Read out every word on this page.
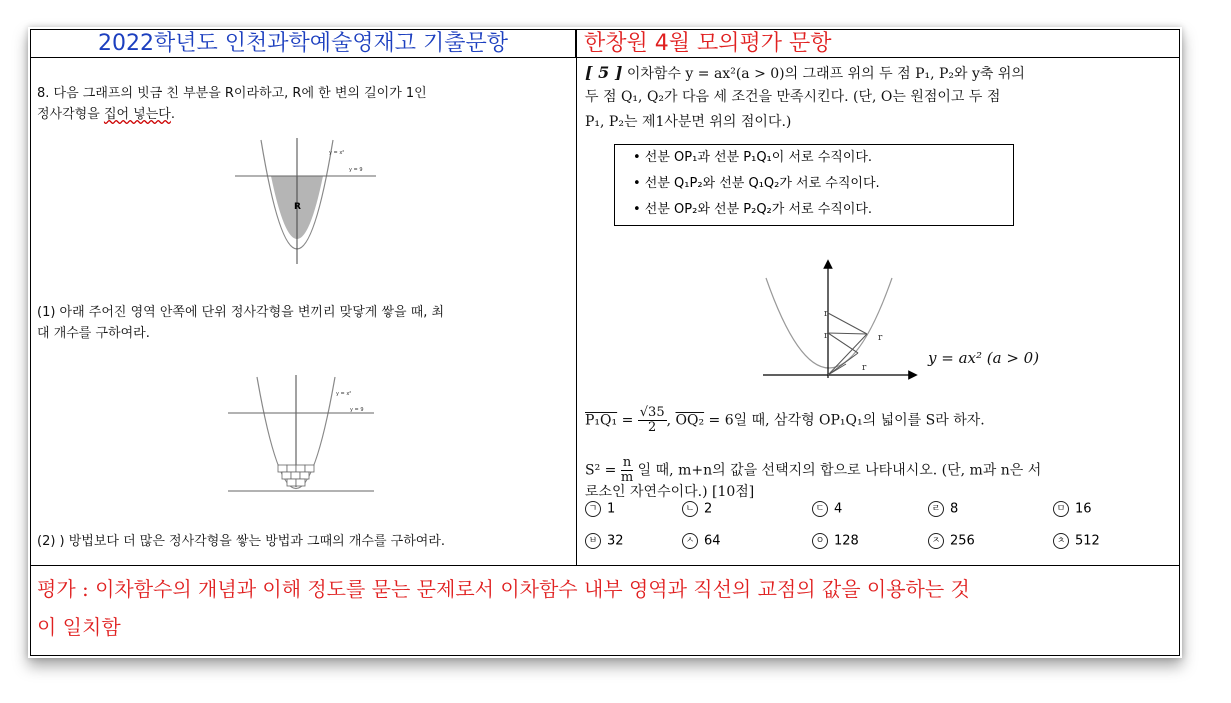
2022학년도 인천과학예술영재고 기출문항	한창원 4월 모의평가 문항
8. 다음 그래프의 빗금 친 부분을 R이라하고, R에 한 변의 길이가 1인
정사각형을 집어 넣는다.
y = x²
y = 9
R
(1) 아래 주어진 영역 안쪽에 단위 정사각형을 변끼리 맞닿게 쌓을 때, 최
대 개수를 구하여라.
y = x²
y = 9
(2) ) 방법보다 더 많은 정사각형을 쌓는 방법과 그때의 개수를 구하여라.
[ 5 ] 이차함수 y = ax²(a > 0)의 그래프 위의 두 점 P₁, P₂와 y축 위의
두 점 Q₁, Q₂가 다음 세 조건을 만족시킨다. (단, O는 원점이고 두 점
P₁, P₂는 제1사분면 위의 점이다.)
• 선분 OP₁과 선분 P₁Q₁이 서로 수직이다.
• 선분 Q₁P₂와 선분 Q₁Q₂가 서로 수직이다.
• 선분 OP₂와 선분 P₂Q₂가 서로 수직이다.
r
r
r
r
y = ax² (a > 0)
$P_1Q_1 = \frac{√35}{2}$ , OQ₂ = 6일 때, 삼각형 OP₁Q₁의 넓이를 S라 하자.
$S^2 = \frac{n}{m}$ 일 때, m+n의 값을 선택지의 합으로 나타내시오. (단, m과 n은 서
로소인 자연수이다.) [10점]
ㄱ 1	ㄴ 2	ㄷ 4	ㄹ 8	ㅁ 16
ㅂ 32	ㅅ 64	ㅇ 128	ㅈ 256	ㅊ 512
평가 : 이차함수의 개념과 이해 정도를 묻는 문제로서 이차함수 내부 영역과 직선의 교점의 값을 이용하는 것
이 일치함
